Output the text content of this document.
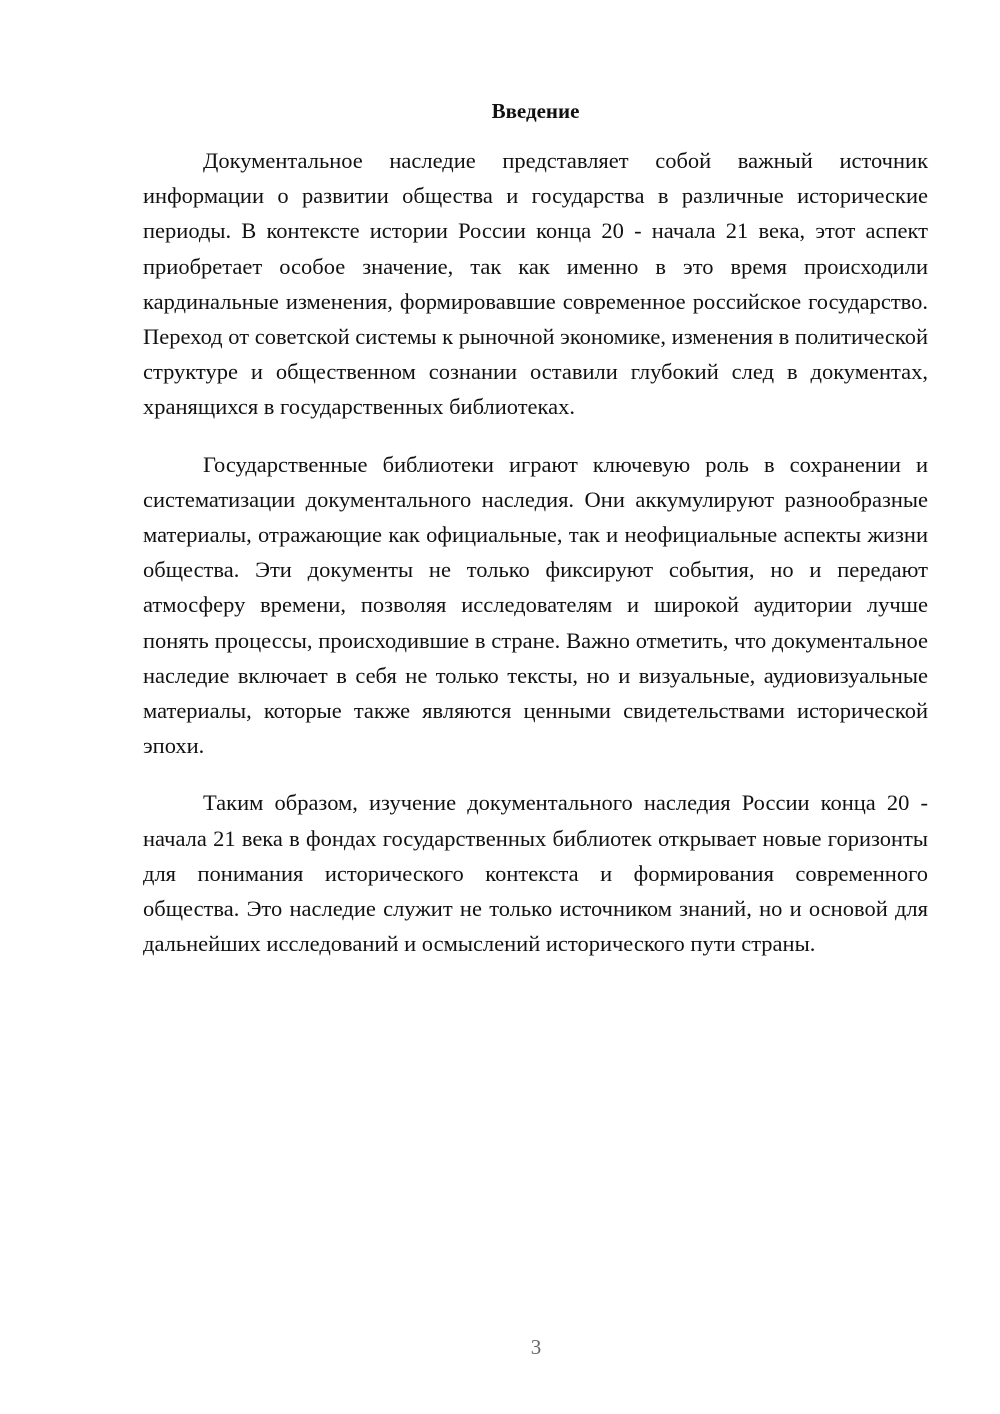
Введение

Документальное наследие представляет собой важный источник информации о развитии общества и государства в различные исторические периоды. В контексте истории России конца 20 - начала 21 века, этот аспект приобретает особое значение, так как именно в это время происходили кардинальные изменения, формировавшие современное российское государство. Переход от советской системы к рыночной экономике, изменения в политической структуре и общественном сознании оставили глубокий след в документах, хранящихся в государственных библиотеках.

Государственные библиотеки играют ключевую роль в сохранении и систематизации документального наследия. Они аккумулируют разнообразные материалы, отражающие как официальные, так и неофициальные аспекты жизни общества. Эти документы не только фиксируют события, но и передают атмосферу времени, позволяя исследователям и широкой аудитории лучше понять процессы, происходившие в стране. Важно отметить, что документальное наследие включает в себя не только тексты, но и визуальные, аудиовизуальные материалы, которые также являются ценными свидетельствами исторической эпохи.

Таким образом, изучение документального наследия России конца 20 - начала 21 века в фондах государственных библиотек открывает новые горизонты для понимания исторического контекста и формирования современного общества. Это наследие служит не только источником знаний, но и основой для дальнейших исследований и осмыслений исторического пути страны.

3
